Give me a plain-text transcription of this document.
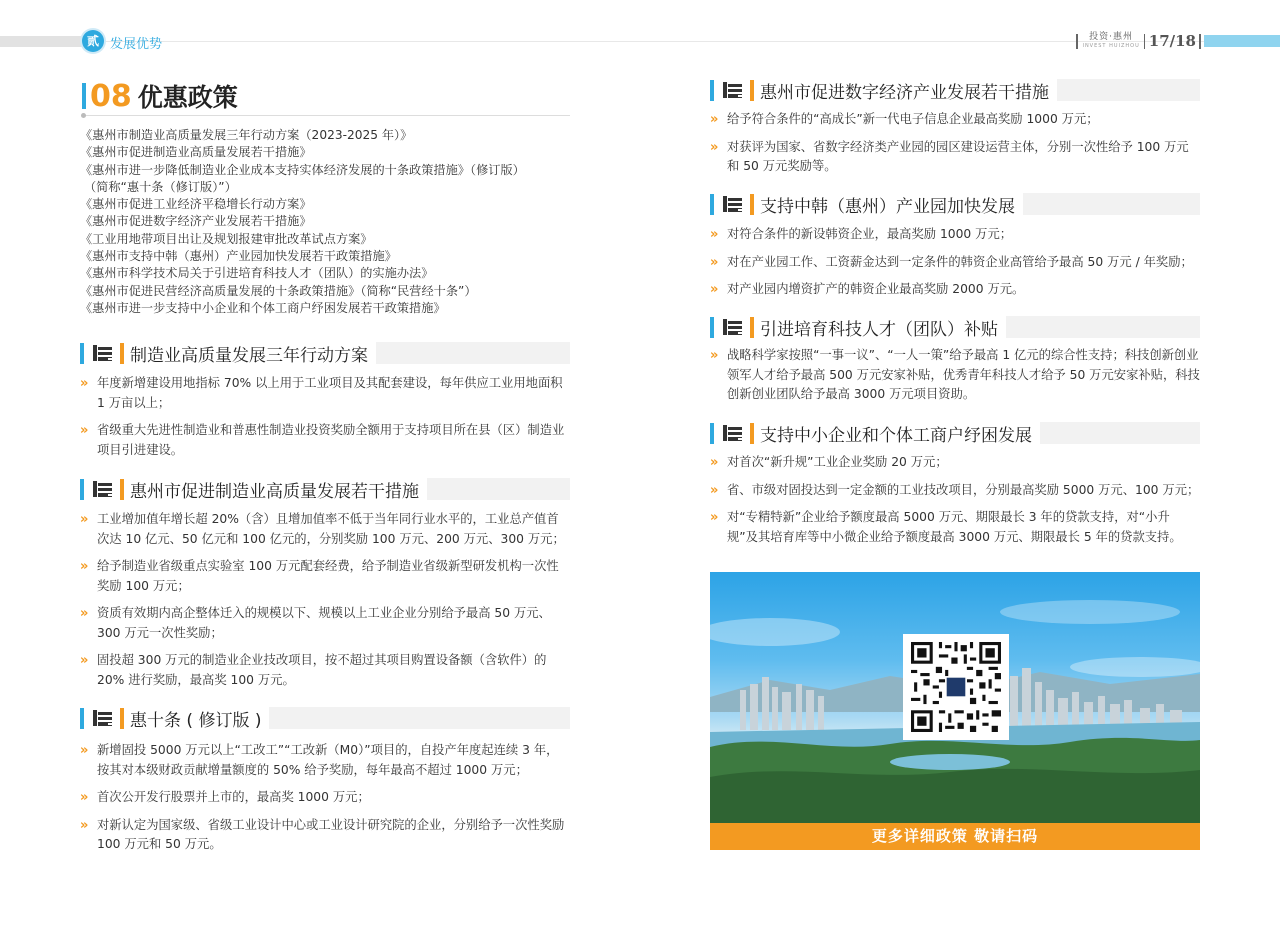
贰 发展优势	投资·惠州
INVEST HUIZHOU 17/18
08 优惠政策
《惠州市制造业高质量发展三年行动方案（2023-2025 年）》
《惠州市促进制造业高质量发展若干措施》
《惠州市进一步降低制造业企业成本支持实体经济发展的十条政策措施》（修订版）
（简称“惠十条（修订版）”）
《惠州市促进工业经济平稳增长行动方案》
《惠州市促进数字经济产业发展若干措施》
《工业用地带项目出让及规划报建审批改革试点方案》
《惠州市支持中韩（惠州）产业园加快发展若干政策措施》
《惠州市科学技术局关于引进培育科技人才（团队）的实施办法》
《惠州市促进民营经济高质量发展的十条政策措施》（简称“民营经十条”）
《惠州市进一步支持中小企业和个体工商户纾困发展若干政策措施》
制造业高质量发展三年行动方案
» 年度新增建设用地指标 70% 以上用于工业项目及其配套建设，每年供应工业用地面积 1 万亩以上；
» 省级重大先进性制造业和普惠性制造业投资奖励全额用于支持项目所在县（区）制造业项目引进建设。
惠州市促进制造业高质量发展若干措施
» 工业增加值年增长超 20%（含）且增加值率不低于当年同行业水平的，工业总产值首次达 10 亿元、50 亿元和 100 亿元的，分别奖励 100 万元、200 万元、300 万元；
» 给予制造业省级重点实验室 100 万元配套经费，给予制造业省级新型研发机构一次性奖励 100 万元；
» 资质有效期内高企整体迁入的规模以下、规模以上工业企业分别给予最高 50 万元、300 万元一次性奖励；
» 固投超 300 万元的制造业企业技改项目，按不超过其项目购置设备额（含软件）的 20% 进行奖励，最高奖 100 万元。
惠十条 ( 修订版 )
» 新增固投 5000 万元以上“工改工”“工改新（M0）”项目的，自投产年度起连续 3 年，按其对本级财政贡献增量额度的 50% 给予奖励，每年最高不超过 1000 万元；
» 首次公开发行股票并上市的，最高奖 1000 万元；
» 对新认定为国家级、省级工业设计中心或工业设计研究院的企业，分别给予一次性奖励 100 万元和 50 万元。
惠州市促进数字经济产业发展若干措施
» 给予符合条件的“高成长”新一代电子信息企业最高奖励 1000 万元；
» 对获评为国家、省数字经济类产业园的园区建设运营主体，分别一次性给予 100 万元和 50 万元奖励等。
支持中韩（惠州）产业园加快发展
» 对符合条件的新设韩资企业，最高奖励 1000 万元；
» 对在产业园工作、工资薪金达到一定条件的韩资企业高管给予最高 50 万元 / 年奖励；
» 对产业园内增资扩产的韩资企业最高奖励 2000 万元。
引进培育科技人才（团队）补贴
» 战略科学家按照“一事一议”、“一人一策”给予最高 1 亿元的综合性支持；科技创新创业领军人才给予最高 500 万元安家补贴，优秀青年科技人才给予 50 万元安家补贴，科技创新创业团队给予最高 3000 万元项目资助。
支持中小企业和个体工商户纾困发展
» 对首次“新升规”工业企业奖励 20 万元；
» 省、市级对固投达到一定金额的工业技改项目，分别最高奖励 5000 万元、100 万元；
» 对“专精特新”企业给予额度最高 5000 万元、期限最长 3 年的贷款支持，对“小升规”及其培育库等中小微企业给予额度最高 3000 万元、期限最长 5 年的贷款支持。
更多详细政策 敬请扫码
